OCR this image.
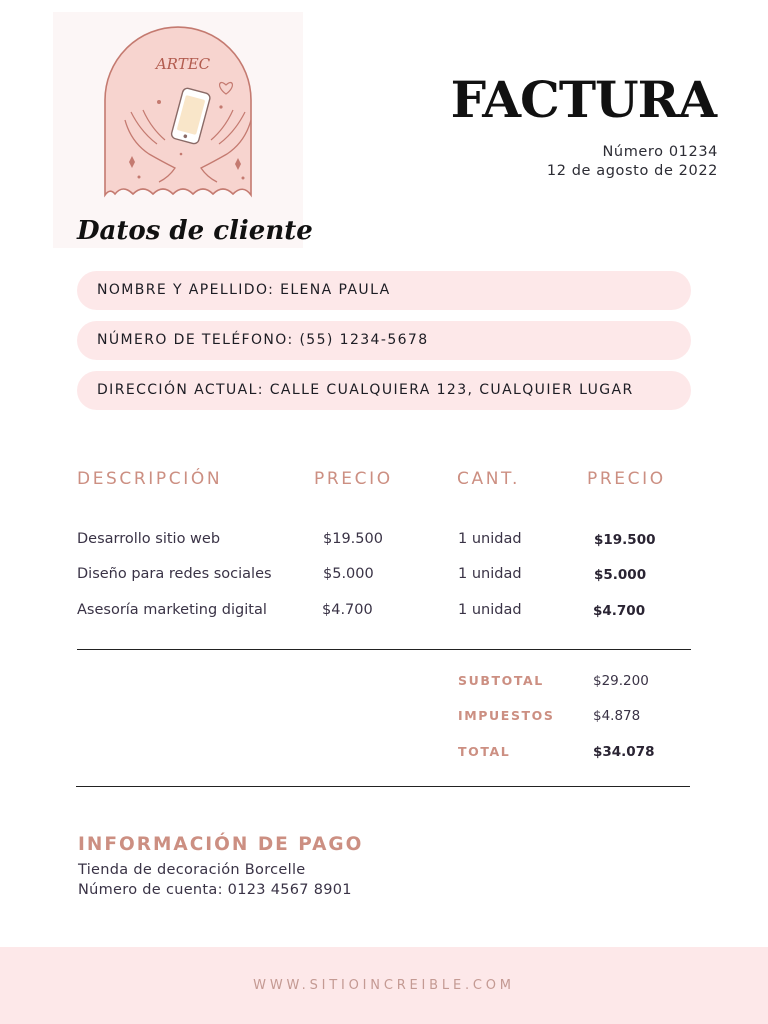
ARTEC
FACTURA
Número 01234
12 de agosto de 2022
Datos de cliente
NOMBRE Y APELLIDO: ELENA PAULA
NÚMERO DE TELÉFONO: (55) 1234-5678
DIRECCIÓN ACTUAL: CALLE CUALQUIERA 123, CUALQUIER LUGAR
DESCRIPCIÓN	PRECIO	CANT.	PRECIO
Desarrollo sitio web	$19.500	1 unidad	$19.500
Diseño para redes sociales	$5.000	1 unidad	$5.000
Asesoría marketing digital	$4.700	1 unidad	$4.700
SUBTOTAL	$29.200
IMPUESTOS	$4.878
TOTAL	$34.078
INFORMACIÓN DE PAGO
Tienda de decoración Borcelle
Número de cuenta: 0123 4567 8901
WWW.SITIOINCREIBLE.COM
